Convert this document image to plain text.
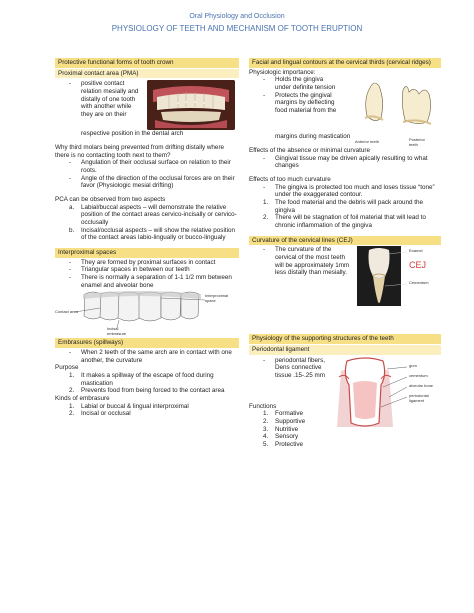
Oral Physiology and Occlusion
PHYSIOLOGY OF TEETH AND MECHANISM OF TOOTH ERUPTION
Protective functional forms of tooth crown
Proximal contact area (PMA)
- positive contact relation mesially and distally of one tooth with another while they are on their
respective position in the dental arch
Why third molars being prevented from drifting distally where there is no contacting tooth next to them?
- Angulation of their occlusal surface on relation to their roots.
- Angle of the direction of the occlusal forces are on their favor (Physiologic mesial drifting)
PCA can be observed from two aspects
a. Labial/buccal aspects – will demonstrate the relative position of the contact areas cervico-incisally or cervico-occlusally
b. Incisal/occlusal aspects – will show the relative position of the contact areas labio-lingually or bucco-lingualy
Interproximal spaces
- They are formed by proximal surfaces in contact
- Triangular spaces in between our teeth
- There is normally a separation of 1-1 1/2 mm between enamel and alveolar bone
Contact area
Interproximal space
Incisal embrasure
Embrasures (spillways)
- When 2 teeth of the same arch are in contact with one another, the curvature
Purpose
1. It makes a spillway of the escape of food during mastication
2. Prevents food from being forced to the contact area
Kinds of embrasure
1. Labial or buccal & lingual interproximal
2. Incisal or occlusal
Facial and lingual contours at the cervical thirds (cervical ridges)
Physiologic importance:
- Holds the gingiva under definite tension
- Protects the gingival margins by deflecting food material from the
Anterior teeth	Posterior teeth
margins during mastication
Effects of the absence or minimal curvature
- Gingival tissue may be driven apically resulting to what changes
Effects of too much curvature
- The gingiva is protected too much and loses tissue “tone” under the exaggerated contour.
1. The food material and the debris will pack around the gingiva
2. There will be stagnation of foil material that will lead to chronic inflammation of the gingiva
Curvature of the cervical lines (CEJ)
- The curvature of the cervical of the most teeth will be approximately 1mm less distally than mesially.
Enamel
Cementum
CEJ
Physiology of the supporting structures of the teeth
Periodontal ligament
- periodontal fibers, Dens connective tissue .15-.25 mm
gum
cementum
alveolar bone
periodontal ligament
Functions
1. Formative
2. Supportive
3. Nutritive
4. Sensory
5. Protective
